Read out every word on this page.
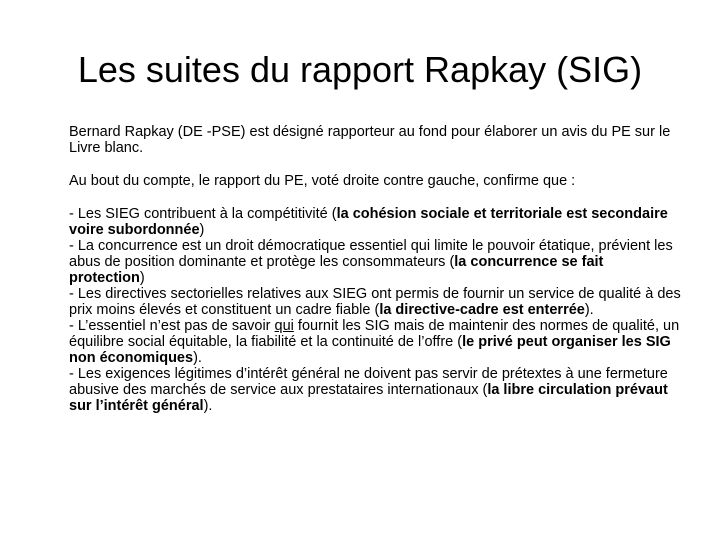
Les suites du rapport Rapkay (SIG)

Bernard Rapkay (DE -PSE) est désigné rapporteur au fond pour élaborer un avis du PE sur le Livre blanc.

Au bout du compte, le rapport du PE, voté droite contre gauche, confirme que :

- Les SIEG contribuent à la compétitivité (la cohésion sociale et territoriale est secondaire voire subordonnée)

- La concurrence est un droit démocratique essentiel qui limite le pouvoir étatique, prévient les abus de position dominante et protège les consommateurs (la concurrence se fait protection)

- Les directives sectorielles relatives aux SIEG ont permis de fournir un service de qualité à des prix moins élevés et constituent un cadre fiable (la directive-cadre est enterrée).

- L’essentiel n’est pas de savoir qui fournit les SIG mais de maintenir des normes de qualité, un équilibre social équitable, la fiabilité et la continuité de l’offre (le privé peut organiser les SIG non économiques).

- Les exigences légitimes d’intérêt général ne doivent pas servir de prétextes à une fermeture abusive des marchés de service aux prestataires internationaux (la libre circulation prévaut sur l’intérêt général).
